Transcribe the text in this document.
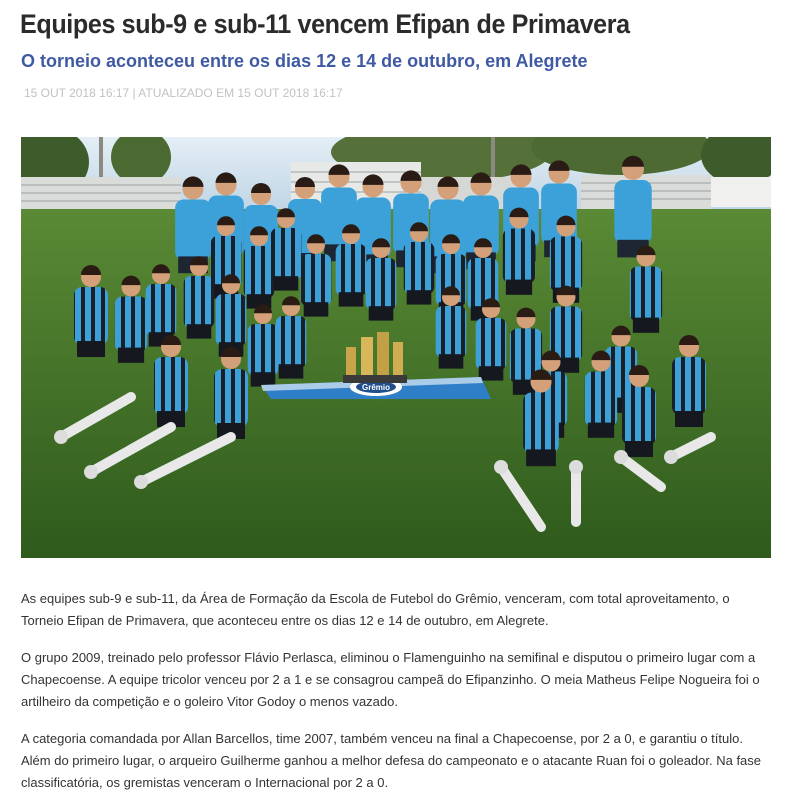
Equipes sub-9 e sub-11 vencem Efipan de Primavera
O torneio aconteceu entre os dias 12 e 14 de outubro, em Alegrete
15 OUT 2018 16:17 | ATUALIZADO EM 15 OUT 2018 16:17
Grêmio

As equipes sub-9 e sub-11, da Área de Formação da Escola de Futebol do Grêmio, venceram, com total aproveitamento, o Torneio Efipan de Primavera, que aconteceu entre os dias 12 e 14 de outubro, em Alegrete.

O grupo 2009, treinado pelo professor Flávio Perlasca, eliminou o Flamenguinho na semifinal e disputou o primeiro lugar com a Chapecoense. A equipe tricolor venceu por 2 a 1 e se consagrou campeã do Efipanzinho. O meia Matheus Felipe Nogueira foi o artilheiro da competição e o goleiro Vitor Godoy o menos vazado.

A categoria comandada por Allan Barcellos, time 2007, também venceu na final a Chapecoense, por 2 a 0, e garantiu o título. Além do primeiro lugar, o arqueiro Guilherme ganhou a melhor defesa do campeonato e o atacante Ruan foi o goleador. Na fase classificatória, os gremistas venceram o Internacional por 2 a 0.
